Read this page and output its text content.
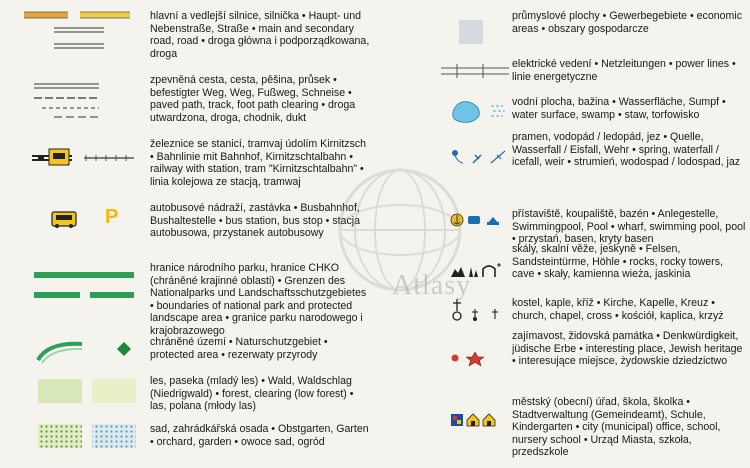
hlavní a vedlejší silnice, silnička • Haupt- und Nebenstraße, Straße • main and secondary road, road • droga główna i podporządkowana, droga

zpevněná cesta, cesta, pěšina, průsek • befestigter Weg, Weg, Fußweg, Schneise • paved path, track, foot path clearing • droga utwardzona, droga, chodnik, dukt

železnice se stanicí, tramvaj údolím Kirnitzsch • Bahnlinie mit Bahnhof, Kirnitzschtalbahn • railway with station, tram "Kirnitzschtalbahn" • linia kolejowa ze stacją, tramwaj

P	autobusové nádraží, zastávka • Busbahnhof, Bushaltestelle • bus station, bus stop • stacja autobusowa, przystanek autobusowy

hranice národního parku, hranice CHKO (chráněné krajinné oblasti) • Grenzen des Nationalparks und Landschaftsschutzgebietes • boundaries of national park and protected landscape area • granice parku narodowego i krajobrazowego

chráněné území • Naturschutzgebiet • protected area • rezerwaty przyrody

les, paseka (mladý les) • Wald, Waldschlag (Niedrigwald) • forest, clearing (low forest) • las, polana (młody las)

sad, zahrádkářská osada • Obstgarten, Garten • orchard, garden • owoce sad, ogród

průmyslové plochy • Gewerbegebiete • economic areas • obszary gospodarcze

elektrické vedení • Netzleitungen • power lines • linie energetyczne

vodní plocha, bažina • Wasserfläche, Sumpf • water surface, swamp • staw, torfowisko

pramen, vodopád / ledopád, jez • Quelle, Wasserfall / Eisfall, Wehr • spring, waterfall / icefall, weir • strumień, wodospad / lodospad, jaz

přístaviště, koupaliště, bazén • Anlegestelle, Swimmingpool, Pool • wharf, swimming pool, pool • przystań, basen, kryty basen

skály, skalní věže, jeskyně • Felsen, Sandsteintürme, Höhle • rocks, rocky towers, cave • skały, kamienna wieża, jaskinia

kostel, kaple, kříž • Kirche, Kapelle, Kreuz • church, chapel, cross • kościół, kaplica, krzyż

zajímavost, židovská památka • Denkwürdigkeit, jüdische Erbe • interesting place, Jewish heritage • interesujące miejsce, żydowskie dziedzictwo

městský (obecní) úřad, škola, školka • Stadtverwaltung (Gemeindeamt), Schule, Kindergarten • city (municipal) office, school, nursery school • Urząd Miasta, szkoła, przedszkole

Atlasy
